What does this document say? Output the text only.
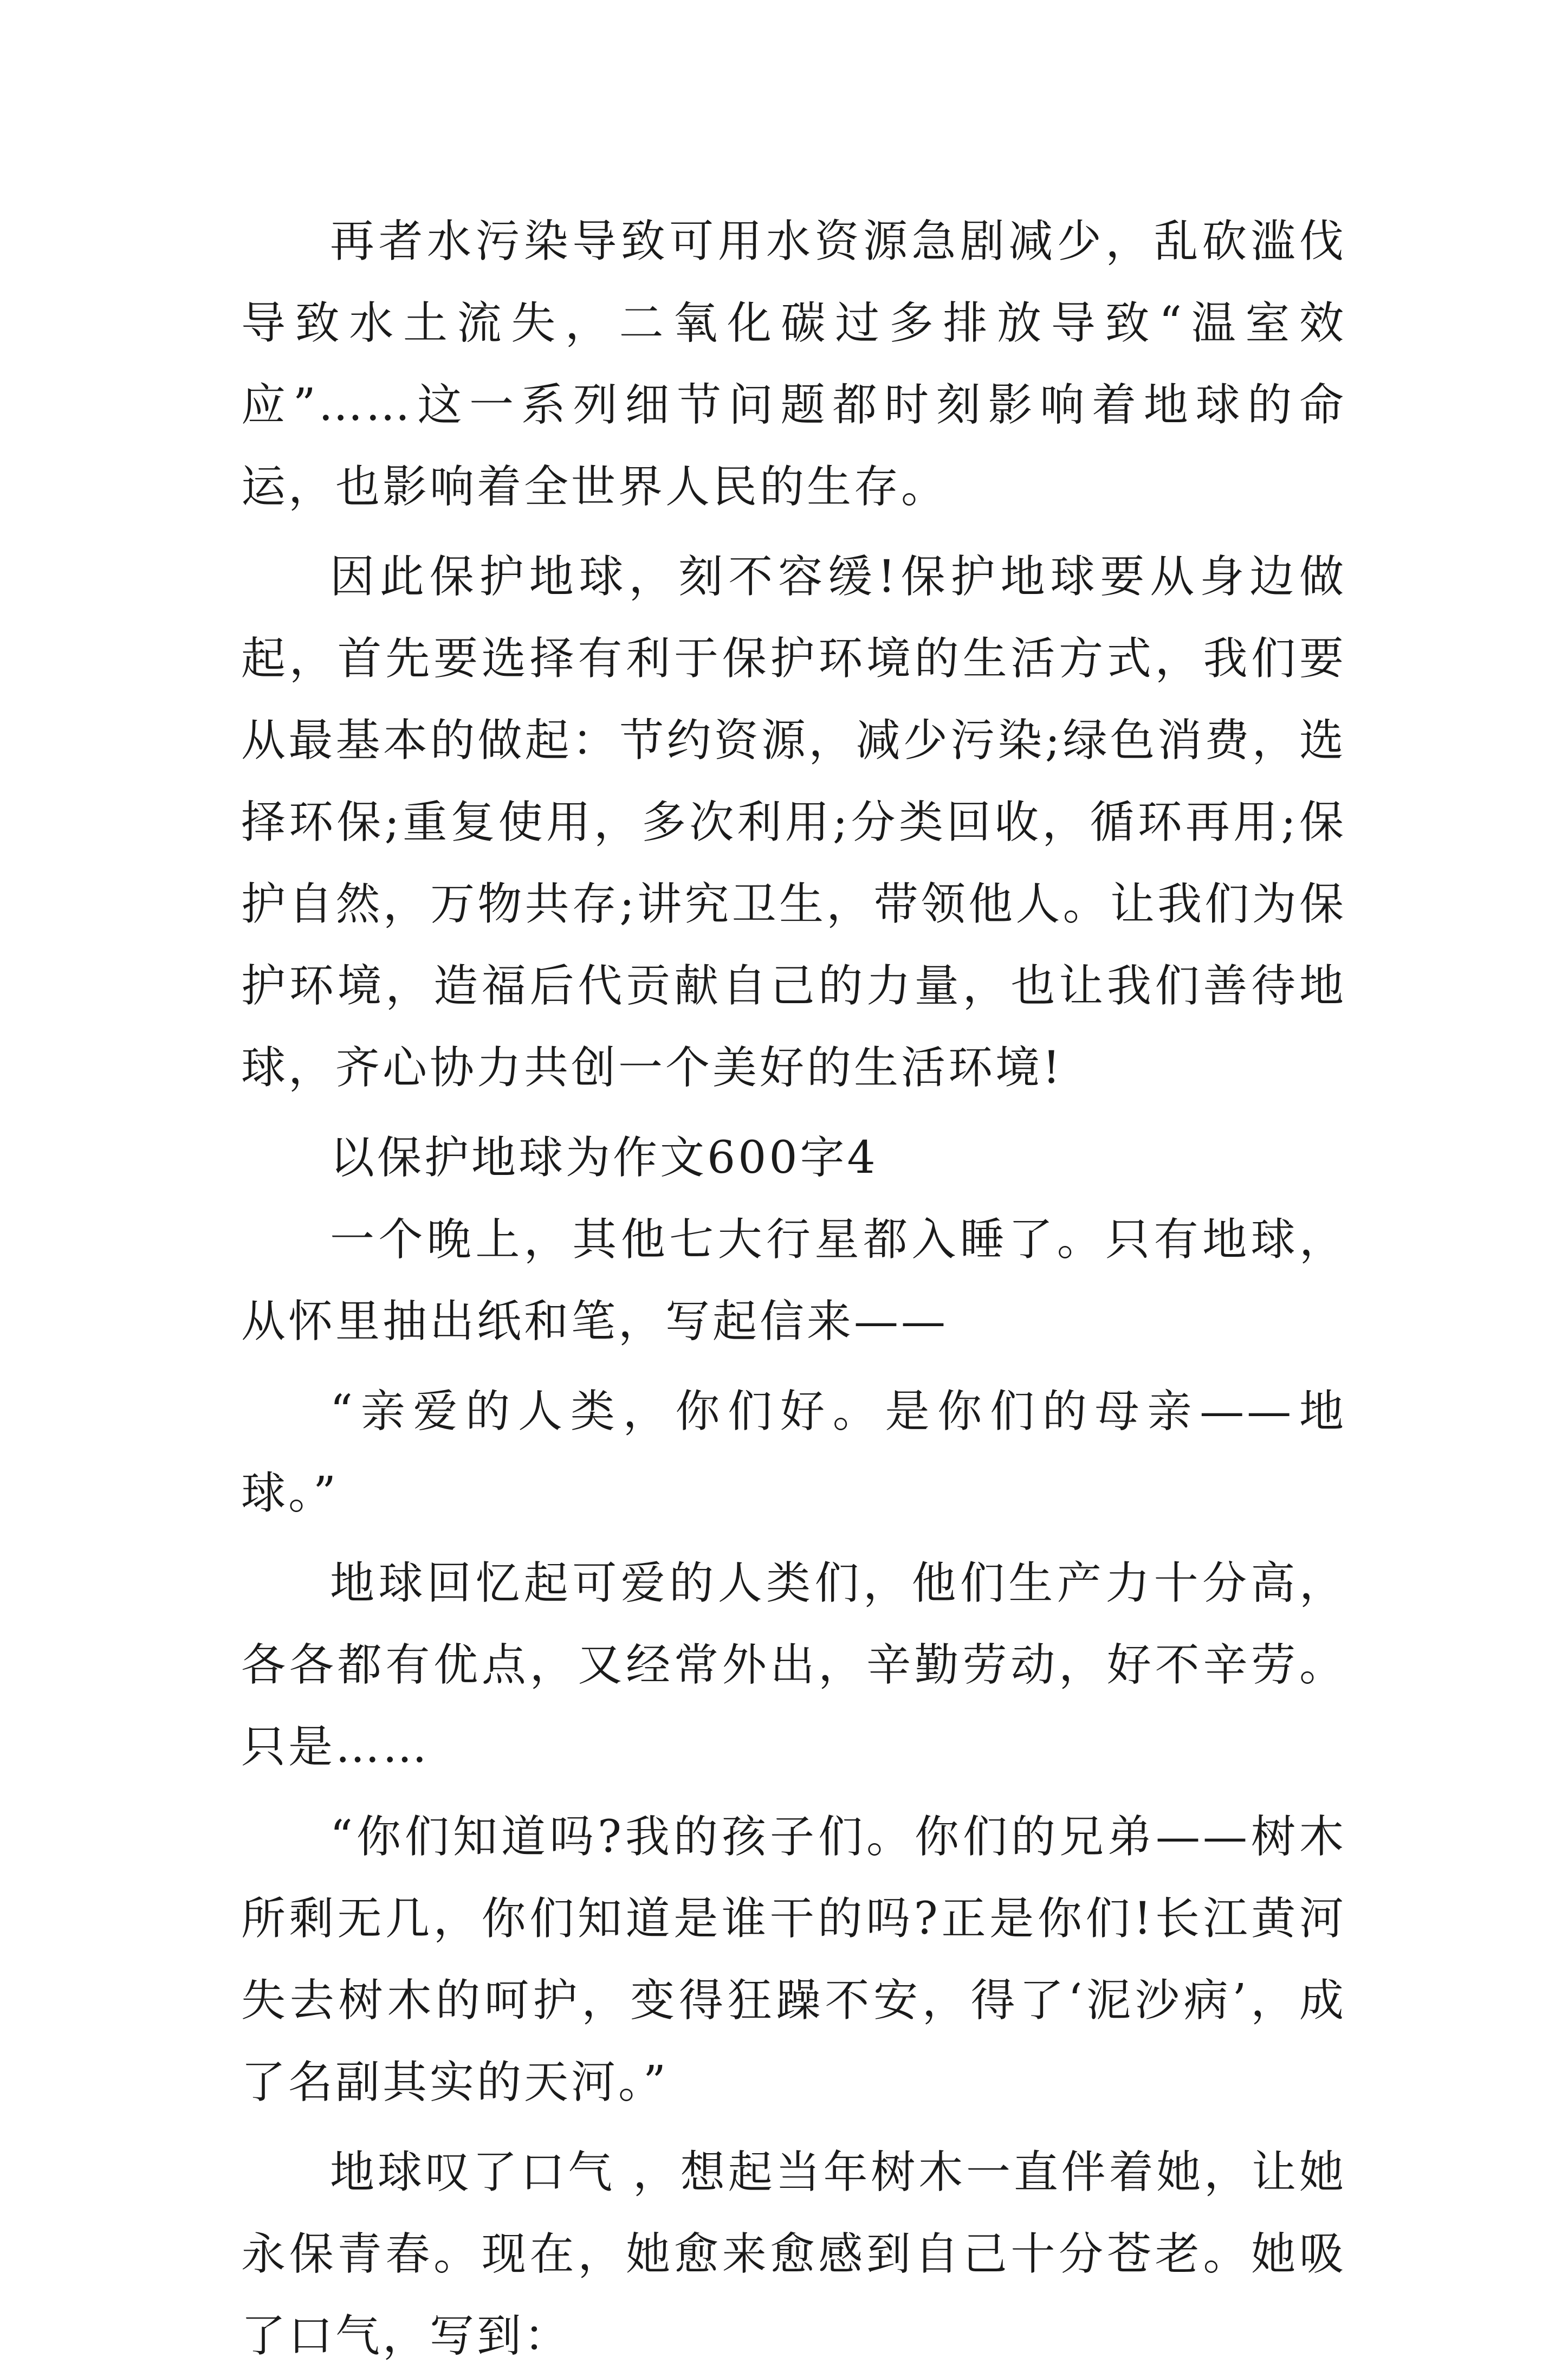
再者水污染导致可用水资源急剧减少，乱砍滥伐导致水土流失，二氧化碳过多排放导致“温室效应”……这一系列细节问题都时刻影响着地球的命运，也影响着全世界人民的生存。

因此保护地球，刻不容缓!保护地球要从身边做起，首先要选择有利于保护环境的生活方式，我们要从最基本的做起：节约资源，减少污染;绿色消费，选择环保;重复使用，多次利用;分类回收，循环再用;保护自然，万物共存;讲究卫生，带领他人。让我们为保护环境，造福后代贡献自己的力量，也让我们善待地球，齐心协力共创一个美好的生活环境!

以保护地球为作文600字4

一个晚上，其他七大行星都入睡了。只有地球，从怀里抽出纸和笔，写起信来——

“亲爱的人类，你们好。是你们的母亲——地球。”

地球回忆起可爱的人类们，他们生产力十分高，各各都有优点，又经常外出，辛勤劳动，好不辛劳。只是……

“你们知道吗?我的孩子们。你们的兄弟——树木所剩无几，你们知道是谁干的吗?正是你们!长江黄河失去树木的呵护，变得狂躁不安，得了‘泥沙病’，成了名副其实的天河。”

地球叹了口气 ，想起当年树木一直伴着她，让她永保青春。现在，她愈来愈感到自己十分苍老。她吸了口气，写到：
